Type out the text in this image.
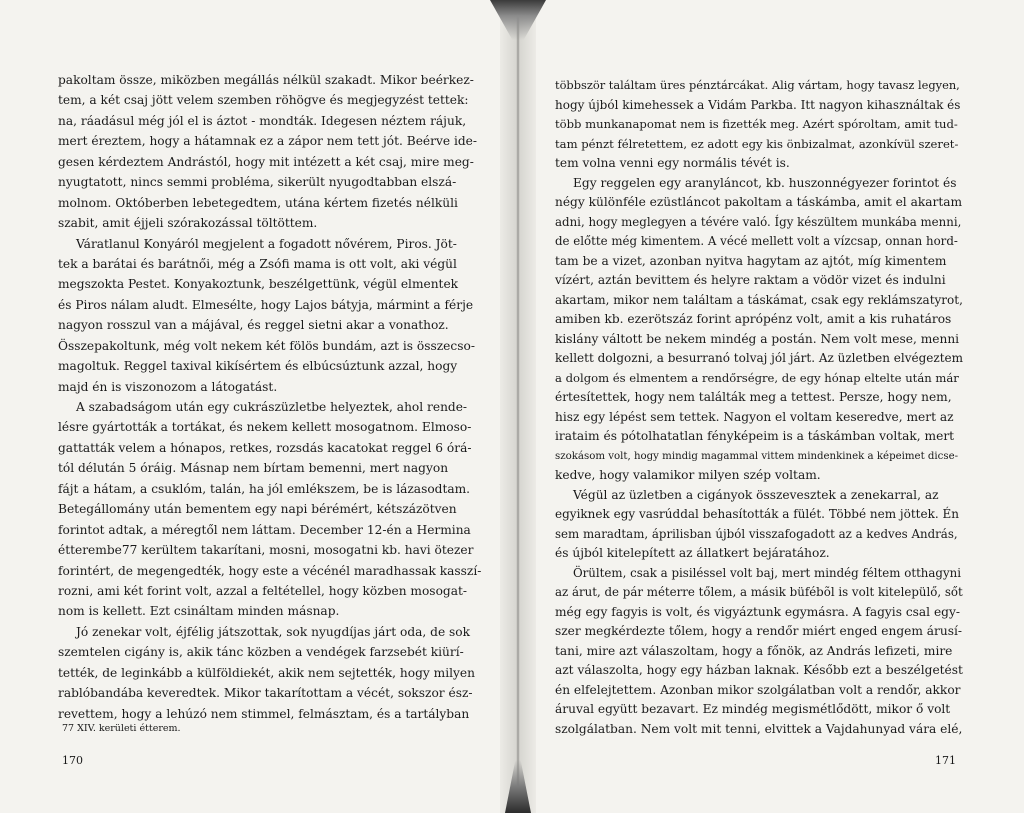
pakoltam össze, miközben megállás nélkül szakadt. Mikor beérkez-
tem, a két csaj jött velem szemben röhögve és megjegyzést tettek:
na, ráadásul még jól el is áztot - mondták. Idegesen néztem rájuk,
mert éreztem, hogy a hátamnak ez a zápor nem tett jót. Beérve ide-
gesen kérdeztem Andrástól, hogy mit intézett a két csaj, mire meg-
nyugtatott, nincs semmi probléma, sikerült nyugodtabban elszá-
molnom. Októberben lebetegedtem, utána kértem fizetés nélküli
szabit, amit éjjeli szórakozással töltöttem.
Váratlanul Konyáról megjelent a fogadott nővérem, Piros. Jöt-
tek a barátai és barátnői, még a Zsófi mama is ott volt, aki végül
megszokta Pestet. Konyakoztunk, beszélgettünk, végül elmentek
és Piros nálam aludt. Elmesélte, hogy Lajos bátyja, mármint a férje
nagyon rosszul van a májával, és reggel sietni akar a vonathoz.
Összepakoltunk, még volt nekem két fölös bundám, azt is összecso-
magoltuk. Reggel taxival kikísértem és elbúcsúztunk azzal, hogy
majd én is viszonozom a látogatást.
A szabadságom után egy cukrászüzletbe helyeztek, ahol rende-
lésre gyártották a tortákat, és nekem kellett mosogatnom. Elmoso-
gattatták velem a hónapos, retkes, rozsdás kacatokat reggel 6 órá-
tól délután 5 óráig. Másnap nem bírtam bemenni, mert nagyon
fájt a hátam, a csuklóm, talán, ha jól emlékszem, be is lázasodtam.
Betegállomány után bementem egy napi bérémért, kétszázötven
forintot adtak, a méregtől nem láttam. December 12-én a Hermina
étterembe77 kerültem takarítani, mosni, mosogatni kb. havi ötezer
forintért, de megengedték, hogy este a vécénél maradhassak kasszí-
rozni, ami két forint volt, azzal a feltétellel, hogy közben mosogat-
nom is kellett. Ezt csináltam minden másnap.
Jó zenekar volt, éjfélig játszottak, sok nyugdíjas járt oda, de sok
szemtelen cigány is, akik tánc közben a vendégek farzsebét kiürí-
tették, de leginkább a külföldiekét, akik nem sejtették, hogy milyen
rablóbandába keveredtek. Mikor takarítottam a vécét, sokszor ész-
revettem, hogy a lehúzó nem stimmel, felmásztam, és a tartályban
többször találtam üres pénztárcákat. Alig vártam, hogy tavasz legyen,
hogy újból kimehessek a Vidám Parkba. Itt nagyon kihasználtak és
több munkanapomat nem is fizették meg. Azért spóroltam, amit tud-
tam pénzt félretettem, ez adott egy kis önbizalmat, azonkívül szeret-
tem volna venni egy normális tévét is.
Egy reggelen egy aranyláncot, kb. huszonnégyezer forintot és
négy különféle ezüstláncot pakoltam a táskámba, amit el akartam
adni, hogy meglegyen a tévére való. Így készültem munkába menni,
de előtte még kimentem. A vécé mellett volt a vízcsap, onnan hord-
tam be a vizet, azonban nyitva hagytam az ajtót, míg kimentem
vízért, aztán bevittem és helyre raktam a vödör vizet és indulni
akartam, mikor nem találtam a táskámat, csak egy reklámszatyrot,
amiben kb. ezerötszáz forint aprópénz volt, amit a kis ruhatáros
kislány váltott be nekem mindég a postán. Nem volt mese, menni
kellett dolgozni, a besurranó tolvaj jól járt. Az üzletben elvégeztem
a dolgom és elmentem a rendőrségre, de egy hónap eltelte után már
értesítettek, hogy nem találták meg a tettest. Persze, hogy nem,
hisz egy lépést sem tettek. Nagyon el voltam keseredve, mert az
irataim és pótolhatatlan fényképeim is a táskámban voltak, mert
szokásom volt, hogy mindig magammal vittem mindenkinek a képeimet dicse-
kedve, hogy valamikor milyen szép voltam.
Végül az üzletben a cigányok összevesztek a zenekarral, az
egyiknek egy vasrúddal behasították a fülét. Többé nem jöttek. Én
sem maradtam, áprilisban újból visszafogadott az a kedves András,
és újból kitelepített az állatkert bejáratához.
Örültem, csak a pisiléssel volt baj, mert mindég féltem otthagyni
az árut, de pár méterre tőlem, a másik büfébõl is volt kitelepülő, sőt
még egy fagyis is volt, és vigyáztunk egymásra. A fagyis csal egy-
szer megkérdezte tőlem, hogy a rendőr miért enged engem árusí-
tani, mire azt válaszoltam, hogy a főnök, az András lefizeti, mire
azt válaszolta, hogy egy házban laknak. Később ezt a beszélgetést
én elfelejtettem. Azonban mikor szolgálatban volt a rendőr, akkor
áruval együtt bezavart. Ez mindég megismétlődött, mikor ő volt
szolgálatban. Nem volt mit tenni, elvittek a Vajdahunyad vára elé,
77 XIV. kerületi étterem.
170	171
